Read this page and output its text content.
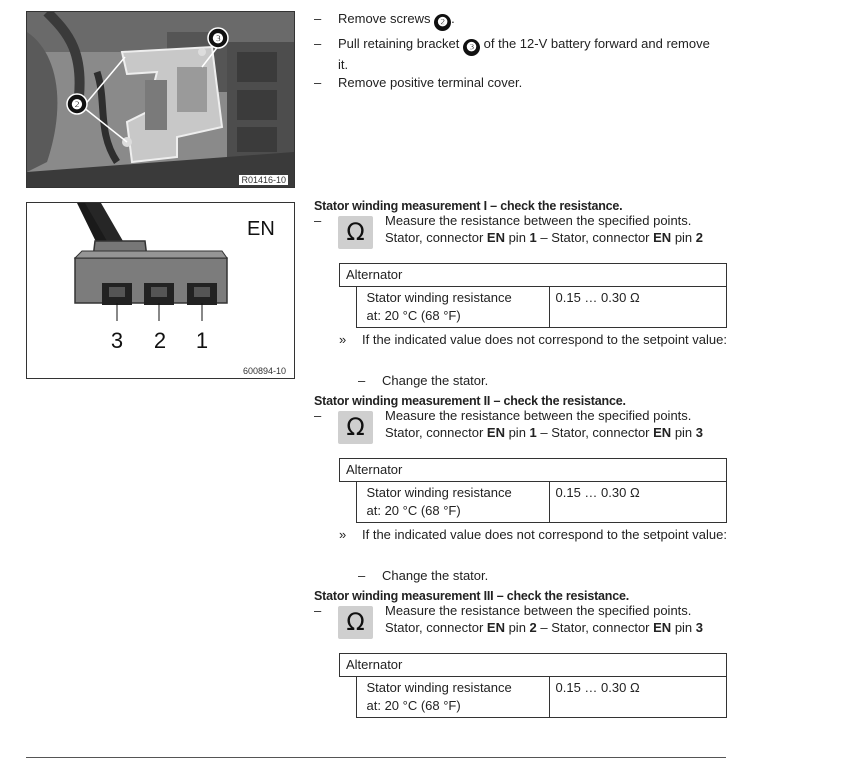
❸
❷
R01416-10
EN
3 2 1
600894-10
– Remove screws ❷ .
– Pull retaining bracket ❸ of the 12-V battery forward and remove it.
– Remove positive terminal cover.
Stator winding measurement I – check the resistance.
–	Ω	Measure the resistance between the specified points.
Stator, connector EN pin 1 – Stator, connector EN pin 2
Alternator

Stator winding resistance
at: 20 °C (68 °F)
	0.15 … 0.30 Ω
» If the indicated value does not correspond to the setpoint value:
– Change the stator.
Stator winding measurement II – check the resistance.
–	Ω	Measure the resistance between the specified points.
Stator, connector EN pin 1 – Stator, connector EN pin 3
Alternator

Stator winding resistance
at: 20 °C (68 °F)
	0.15 … 0.30 Ω
» If the indicated value does not correspond to the setpoint value:
– Change the stator.
Stator winding measurement III – check the resistance.
–	Ω	Measure the resistance between the specified points.
Stator, connector EN pin 2 – Stator, connector EN pin 3
Alternator

Stator winding resistance
at: 20 °C (68 °F)
	0.15 … 0.30 Ω
